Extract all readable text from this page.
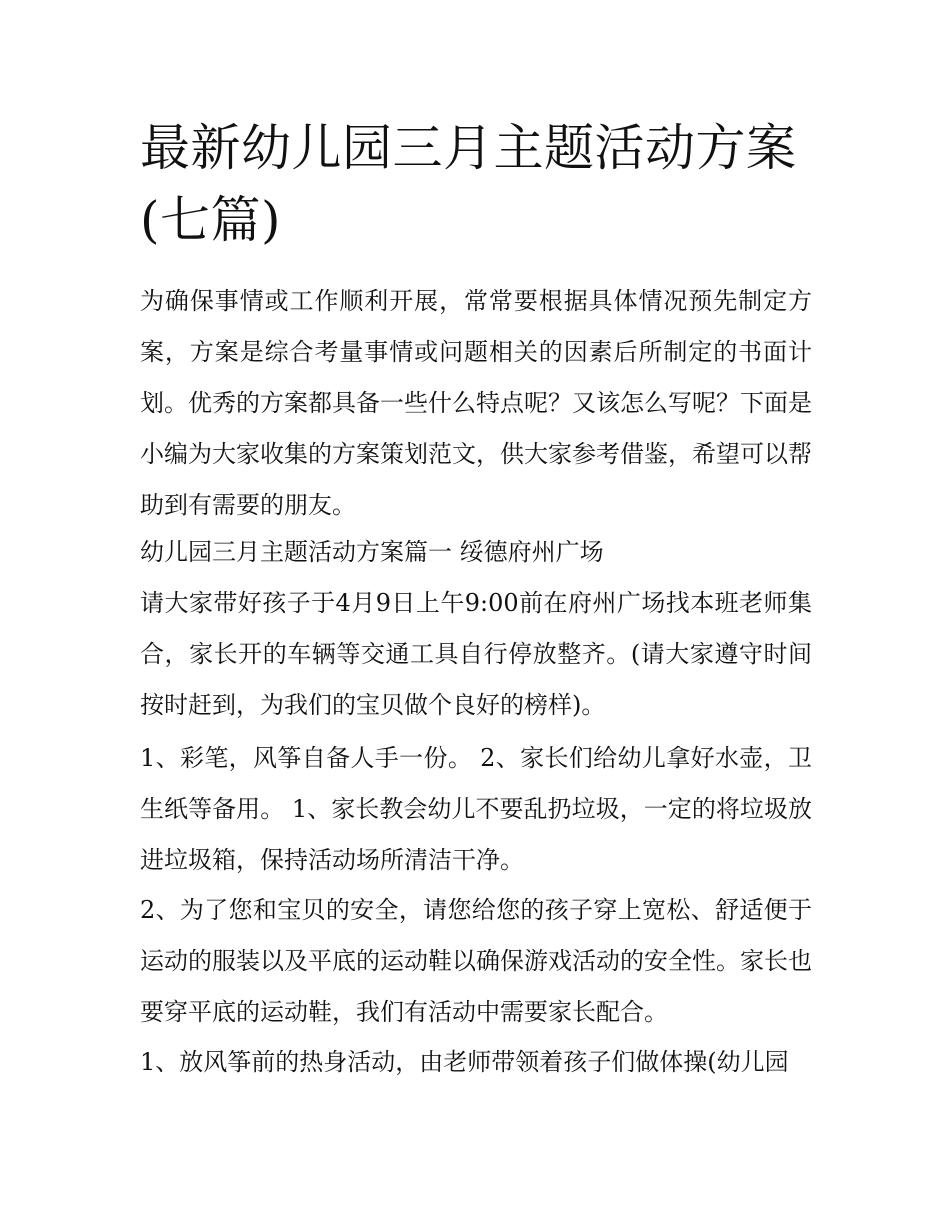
最新幼儿园三月主题活动方案(七篇)

为确保事情或工作顺利开展，常常要根据具体情况预先制定方案，方案是综合考量事情或问题相关的因素后所制定的书面计划。优秀的方案都具备一些什么特点呢？又该怎么写呢？下面是小编为大家收集的方案策划范文，供大家参考借鉴，希望可以帮助到有需要的朋友。

幼儿园三月主题活动方案篇一 绥德府州广场

请大家带好孩子于4月9日上午9:00前在府州广场找本班老师集合，家长开的车辆等交通工具自行停放整齐。(请大家遵守时间按时赶到，为我们的宝贝做个良好的榜样)。

1、彩笔，风筝自备人手一份。 2、家长们给幼儿拿好水壶，卫生纸等备用。 1、家长教会幼儿不要乱扔垃圾，一定的将垃圾放进垃圾箱，保持活动场所清洁干净。

2、为了您和宝贝的安全，请您给您的孩子穿上宽松、舒适便于运动的服装以及平底的运动鞋以确保游戏活动的安全性。家长也要穿平底的运动鞋，我们有活动中需要家长配合。

1、放风筝前的热身活动，由老师带领着孩子们做体操(幼儿园
